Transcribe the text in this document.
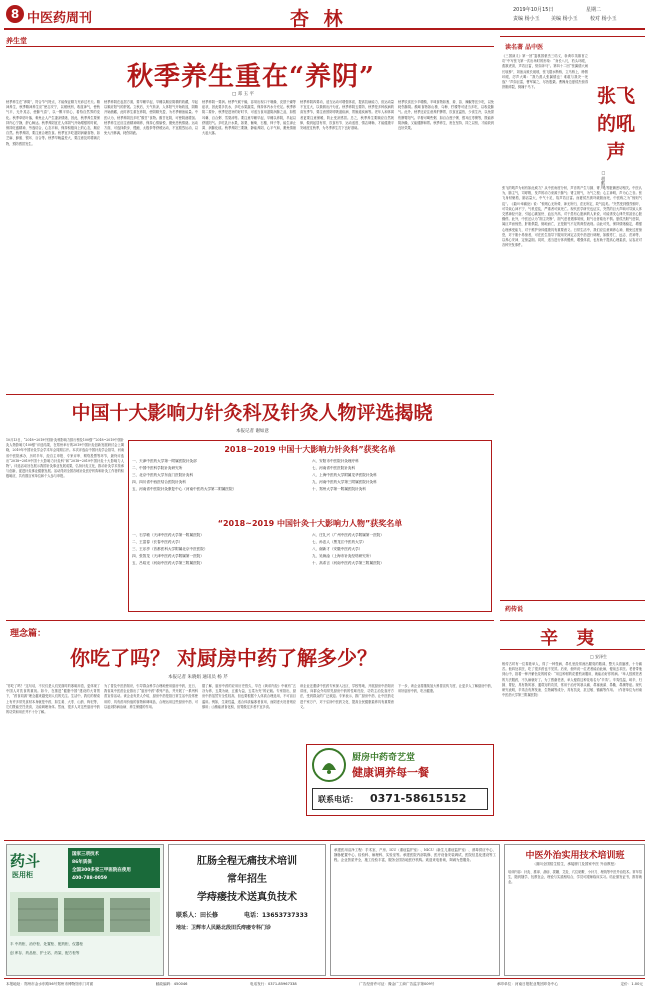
8 中医药周刊	杏 林	2019年10月15日	星期二
责编 杨小玉 美编 杨小玉 校对 杨小玉
养生堂
秋季养生重在“养阴”
□ 邓 玉 平
秋季养生在“养阴”，符合节气特点，才能保证精力充沛过冬天。精神养生，秋季精神养生应“使志安宁，以缓秋刑，收敛神气，使秋气平，无外其志，使肺气清”，以一颗平常心，看待自然界的变化。秋季草枯叶落，难免让人产生凄凉情绪，因此，秋季养生要保持内心宁静，舒心畅达。秋季养阴宜在人体阴气开始增强的时候，保持旺盛精神，劳逸结合，心态平和，保持积极向上的心态，顺应自然。秋季养阴，要注意合理饮食。秋季宜多吃滋阴润燥食物，如芝麻、蜂蜜、银耳、百合等。秋季早晚温差大，要注意及时增减衣物，预防感冒发生。
秋季养阴在起居方面，要早睡早起，早睡以顺应阴精的收藏，早起以顺应阳气的舒展。立秋后，天气转凉，人体阳气开始收敛，阴精开始潜藏，此时养生重在养阴，使阴精充盈，为冬季储备能量。中医认为，秋季养阴宜多吃“酸甘”食物。酸甘化阴，可使阴液增加。秋季养生还应注意精神调养，保持心情愉悦，避免悲秋情绪。运动方面，可选择散步、慢跑、太极拳等舒缓运动，不宜剧烈运动，以免大汗淋漓，耗伤阴液。
秋季养阴一要润。秋季气候干燥，容易出现口干咽燥、皮肤干燥等症状，因此要多饮水，多吃水果蔬菜，保持体内水分充足。秋季养阴二要补，秋季是进补的好时节，可适当食用滋阴润肺之品，如银耳羹、百合粥、雪梨汤等。要注意早睡早起，早睡以养阴，早起以舒展阳气。多吃乳汁水果，如梨、葡萄、石榴、柿子等，能生津止渴、润肺化痰。秋季养阴三要静，静能养阴，心平气和，避免情绪大起大落。
秋季养阴四要动，适当运动可增强体质，提高抗病能力，但运动量不宜过大，以微微出汗为宜。秋季养阴五要防，秋季是多种疾病的高发季节，要注意预防呼吸道疾病、胃肠道疾病等。老年人和体弱者更要注意保暖，防止受凉感冒。总之，秋季养生要顺应自然规律，做到起居有常、饮食有节、运动适度、情志调畅，才能健康平安地度过秋季，为冬季养生打下良好基础。
秋季饮食宜少辛增酸，辛味食物如葱、姜、蒜、辣椒等宜少吃，以免耗伤肺阴。酸味食物如山楂、乌梅、柠檬等可适当多吃，以收敛肺气。此外，秋季还应注意养护脾胃，饮食宜温热，少食生冷，以免损伤脾胃阳气。早餐可喝些粥，如百合莲子粥、银耳红枣粥等，既能养阴润燥，又能健脾和胃。秋季养生，贵在坚持，持之以恒，才能收到良好效果。
读名著 品中医
张飞的吼声
□ 胡献国
《三国演义》第一回“宴桃园豪杰三结义，斩黄巾英雄首立功”中写张飞第一次出场时的形象：“身长八尺，豹头环眼，燕颔虎须，声若巨雷，势如奔马”。第四十二回“张翼德大闹长坂桥”，刘备兵败长坂坡，张飞据水断桥，立马桥上，睁圆环眼，厉声大喝：“我乃燕人张翼德也！谁敢与我决一死战？”声如巨雷，曹军闻之，尽皆股栗。曹操身边夏侯杰惊得肝胆碎裂，倒撞于马下。
张飞的吼声为何有如此威力？从中医角度分析，声音的产生与肺、肾、心等脏腑密切相关。中医认为，肺主气，司呼吸，发声的动力来源于肺气；肾主纳气，为气之根；心主神明，声为心之音。张飞身材魁梧，肺活量大，中气十足，故声若巨雷。而夏侯杰被吓破胆而死，中医称之为“惊则气乱”。《素问·举痛论》说：“惊则心无所倚，神无所归，虑无所定，故气乱矣。”突然受到强烈惊吓，可导致心神不宁，气机逆乱，严重者可致死亡。现代医学研究也证实，突然的巨大声响可导致人体交感神经兴奋，引起心跳加快、血压升高，对于患有心脏病的人来说，可能诱发心律失常甚至心脏骤停。此外，中医还认为“胆主决断”，胆气虚者遇事易惊，胆气壮者临危不惧。夏侯杰胆气虚弱，闻巨声而惊恐，肝胆俱裂，倒地而亡，正是胆气不足的典型表现。由此可见，保持情绪稳定，增强心理承受能力，对于维护身体健康具有重要意义。日常生活中，我们应注意调养心神，避免过度惊恐，对于胆小易惊者，可在医生指导下服用安神定志类中药进行调理，如酸枣仁、远志、茯神等，以养心安神、定惊益胆。同时，适当进行体育锻炼，增强体质，也有助于提高心理素质，从容应对各种突发事件。
中国十大影响力针灸科及针灸人物评选揭晓
本报记者 谢如意
10月13日，“2018~2019中国针灸科影响力排行榜及100强”“2018~2019中国针灸人物影响力100强”评选结果，在郑州举行的2019中国针灸创新发展研讨会上揭晓，2019年中国针灸学会学术年会同期召开。本次评选由中国针灸学会指导，河南省中医院承办，历时半年，经自主申报、专家评审、网络投票等环节，最终评选出“2018~2019中国十大影响力针灸科”和“2018~2019中国针灸十大影响力人物”。评选活动旨在展示我国针灸事业发展成果，弘扬针灸文化，推动针灸学术传承与创新，促进针灸事业健康发展。活动得到全国各地针灸医疗机构和针灸工作者的积极响应，共有数百家单位和个人参与申报。
2018~2019 中国十大影响力针灸科”获奖名单
一、天津中医药大学第一附属医院针灸部
二、中国中医科学院针灸研究所
三、北京中医药大学东直门医院针灸科
四、四川省中西医结合医院针灸科
五、河南省中医院针灸康复中心（河南中医药大学第二附属医院）
六、安阳市中医院针灸理疗科
七、河南省中医医院针灸科
八、上海中医药大学附属龙华医院针灸科
九、河南中医药大学第三附属医院针灸科
十、郑州大学第一附属医院针灸科
“2018~2019 中国针灸十大影响力人物”获奖名单
一、石学敏（天津中医药大学第一附属医院）
二、王富春（长春中医药大学）
三、王乐亭（首都医科大学附属北京中医医院）
四、张智龙（天津中医药大学附属第一医院）
五、吕绍光（河南中医药大学第三附属医院）
六、庄礼兴（广州中医药大学附属第一医院）
七、孙忠人（黑龙江中医药大学）
八、谢新才（安徽中医药大学）
九、吴焕淦（上海市针灸经络研究所）
十、高希言（河南中医药大学第三附属医院）
理念篇：
你吃了吗？ 对厨房中药了解多少？
本报记者 朱晓娟 通讯员 杨 芹
“你吃了吗？”这句话，不仅仅是人们见面时的寒暄用语，更体现了中国人对饮食的重视。如今，在推进“健康中国”建设的大背景下，“药食同源”理念越来越受到人们的关注。生活中，我们的餐桌上有许多常见食材本身就是中药，如生姜、大枣、山药、枸杞等，它们既能烹饪美食，又能调理身体。然而，很多人对这些厨房中药的功效和用法并不十分了解。
为了普及中医药知识，引导群众科学合理地使用厨房中药，近日，我省某中医药企业推出了“厨房中药”系列产品，并开展了一系列科普宣传活动。该企业负责人介绍，厨房中药是指日常生活中经常使用的、具有药用价值的食物和调味品，合理运用这些厨房中药，可以起到防病治病、养生保健的作用。
据了解，厨房中药的应用历史悠久，早在《黄帝内经》中就有“五谷为养，五果为助，五畜为益，五菜为充”的记载。专家指出，厨房中药虽然安全性较高，但也要根据个人体质合理选用，不可盲目滥用。例如，生姜性温，适合体质偏寒者食用，而阴虚火旺者则应慎用；山楂能消食化积，但胃酸过多者不宜多食。
该企业还邀请中医药专家深入社区、学校等地，开展厨房中药知识讲座，向群众介绍常见厨房中药的性味归经、功效主治及食疗方法，受到群众的广泛欢迎。专家表示，推广厨房中药，让中医药走进千家万户，对于弘扬中医药文化、提高全民健康素养具有重要意义。
下一步，该企业将继续加大科普宣传力度，让更多人了解厨房中药，用好厨房中药，吃出健康。
厨房中药奇艺堂
健康调养每一餐
联系电话： 0371-58615152
药传说
辛 夷
□ 安泽生
相传古时有一位秦姓举人，得了一种怪病，鼻孔里经常流出腥臭的脓涕，整天头昏脑涨，十分痛苦。他四处求医，吃了很多药也不见效。后来，他听说一位老者能治此病，便前去求医。老者带他到山中，指着一种开紫色花的树说：“用这种树的花蕾煎汤服用，就能治好你的病。”举人按照老者的方法服药，不久病就好了。为了感谢老者，举人便将这种花取名为“辛夷”。辛夷性温，味辛，归肺、胃经，具有散风寒、通鼻窍的功效，常用于治疗风寒头痛、鼻塞流涕、鼻鼽、鼻渊等症。现代研究表明，辛夷含有挥发油、生物碱等成分，具有抗炎、抗过敏、镇痛等作用。（作者单位为河南中医药大学第三附属医院）
药斗
医用柜
国家三项技术
86年质保
全国300多家三甲医院在使用
400-788-0059
丰 中药柜、治疗柜、处置柜、配药柜、仪器柜
创 库存、药品柜、护士站、药架、配方柜等
肛肠全程无痛技术培训
常年招生
学痔瘘技术送真负技术
联系人：田长修	电话：13653737333
地址：卫辉市人民路北段田氏痔瘘专科门诊
承建医用洁净工程：手术室、产房、ICU（重症监护室）、NICU（新生儿重症监护室）、消毒供应中心、静脉配置中心、检验科、病理科、实验室等。承建医院内部装修、医疗设备安装调试、医院信息化建设等工程。企业资质齐全，施工经验丰富，服务全国各地医疗机构。欢迎来电垂询，竭诚为您服务。	中医外治实用技术培训班
（面向全国招生招生，承接厦门及国家中医 外治教授）
培训内容：针灸、推拿、刮痧、拔罐、艾灸、穴位贴敷、小针刀、埋线等中医外治技术。常年招生，随到随学，包教包会，理论与实践相结合，学员可跟师临床实习。结业颁发证书，推荐就业。
本报地址：郑州市金水东路56号郑州市博物馆东门对面	邮政编码：450046	电话发行：0371-85967338	广告经营许可证：豫金广工商广告监字第009号	承印单位：河南日报报业集团印务中心	定价：1.00元
